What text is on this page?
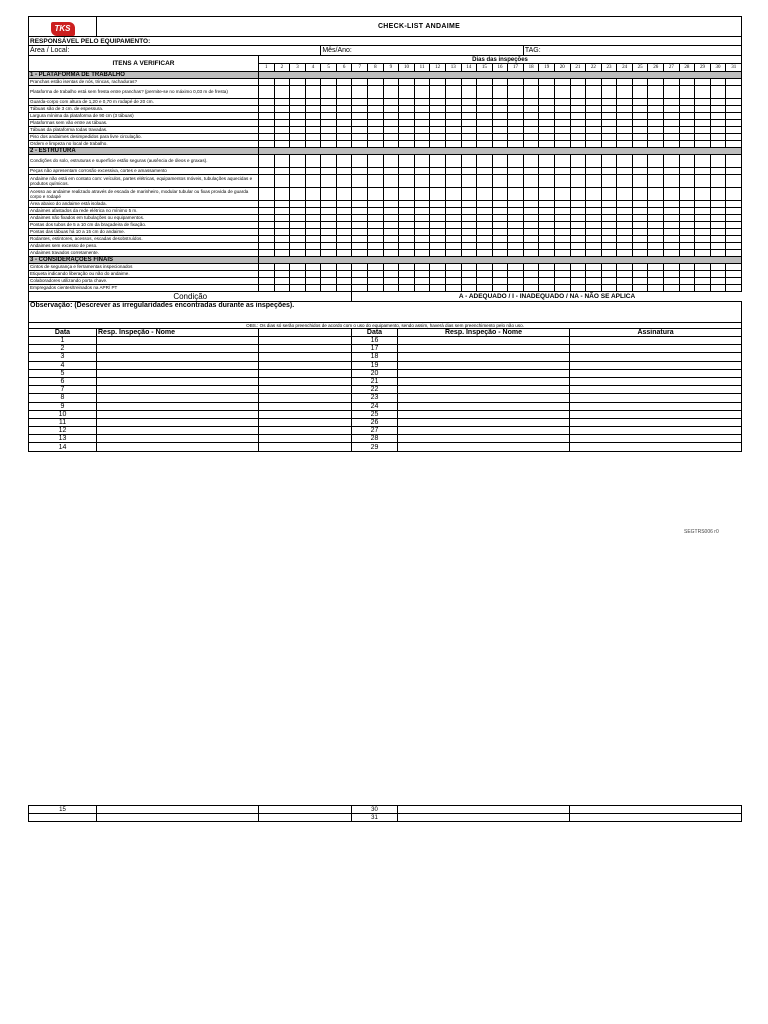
TKS	CHECK-LIST ANDAIME																															
RESPONSÁVEL PELO EQUIPAMENTO:																																
Área / Local:						Mês/Ano:													TAG:													
ITENS A VERIFICAR		Dias das inspeções																														
		1	2	3	4	5	6	7	8	9	10	11	12	13	14	15	16	17	18	19	20	21	22	23	24	25	26	27	28	29	30	31
1 - PLATAFORMA DE TRABALHO																																
Pranchas estão isentas de nós, trincas, rachaduras?																																
Plataforma de trabalho está sem fresta entre pranchas? (permite-se no máximo 0,03 m de fresta)																																
Guarda-corpo com altura de 1,20 e 0,70 m rodapé de 20 cm.																																
Tábuas são de 3 cm. de espessura.																																
Largura mínima da plataforma de 90 cm (3 tábuas)																																
Plataformas sem vão entre as tábuas.																																
Tábuas da plataforma todas travadas.																																
Piso dos andaimes desimpedidos para livre circulação.																																
Ordem e limpeza no local de trabalho.																																
2 - ESTRUTURA																																
Condições do solo, estruturas e superfície estão seguras (ausência de óleos e graxas).																																
Peças não apresentam corrosão excessiva, cortes e amassamento																																
Andaime não está em contato com: veículos, partes elétricas, equipamentos móveis, tubulações aquecidas e produtos químicos.																																
Acesso ao andaime realizado através de escada de marinheiro, modular tubular ou fixas provida de guarda corpo e rodapé																																
Área abaixo do andaime está isolada.																																
Andaimes afastados da rede elétrica no mínimo 5 m.																																
Andaimes não fixados em tubulações ou equipamentos.																																
Pontas dos tubos de 5 a 10 cm da braçadeira de fixação.																																
Pontas das tábuas há 10 a 15 cm do andaime.																																
Rodantes, estintores, acessos, escadas desobstruídos.																																
Andaimes sem excesso de peso.																																
Andaimes travados corretamente.																																
3 - CONSIDERAÇÕES FINAIS																																
Cintos de segurança e ferramentas inspecionados																																
Etiqueta indicando liberação ou não do andaime.																																
Colaboradores utilizando porta chave.																																
Empregados cientes/treinados na APR/ PT																																
Condição								A - ADEQUADO / I - INADEQUADO / NA - NÃO SE APLICA																								
Observação: (Descrever as irregularidades encontradas durante as inspeções).					
OBS.: Os dias só serão preenchidos de acordo com o uso do equipamento, sendo assim, haverá dias sem preenchimento pelo não uso.					
Data	Resp. Inspeção - Nome		Data	Resp. Inspeção - Nome	Assinatura
1			16		
2			17		
3			18		
4			19		
5			20		
6			21		
7			22		
8			23		
9			24		
10			25		
11			26		
12			27		
13			28		
14			29		
SEGTRS006 r0
15			30		
			31		
